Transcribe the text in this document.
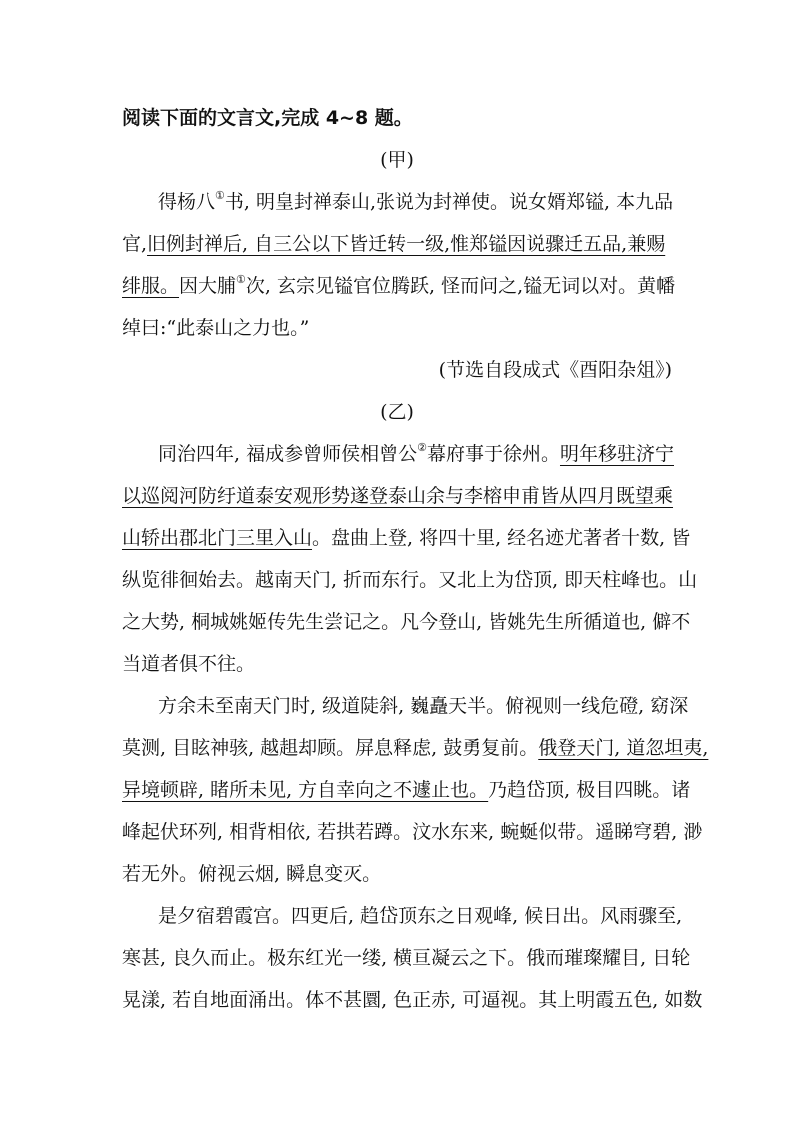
阅读下面的文言文,完成 4~8 题。
(甲)
得杨八①书, 明皇封禅泰山,张说为封禅使。说女婿郑镒, 本九品
官,旧例封禅后, 自三公以下皆迁转一级,惟郑镒因说骤迁五品,兼赐
绯服。因大脯①次, 玄宗见镒官位腾跃, 怪而问之,镒无词以对。黄幡
绰曰:“此泰山之力也。”
(节选自段成式《酉阳杂俎》)
(乙)
同治四年, 福成参曾师侯相曾公②幕府事于徐州。明年移驻济宁
以巡阅河防纡道泰安观形势遂登泰山余与李榕申甫皆从四月既望乘
山轿出郡北门三里入山。盘曲上登, 将四十里, 经名迹尤著者十数, 皆
纵览徘徊始去。越南天门, 折而东行。又北上为岱顶, 即天柱峰也。山
之大势, 桐城姚姬传先生尝记之。凡今登山, 皆姚先生所循道也, 僻不
当道者俱不往。
方余未至南天门时, 级道陡斜, 巍矗天半。俯视则一线危磴, 窈深
莫测, 目眩神骇, 越趄却顾。屏息释虑, 鼓勇复前。俄登天门, 道忽坦夷,
异境顿辟, 睹所未见, 方自幸向之不遽止也。乃趋岱顶, 极目四眺。诸
峰起伏环列, 相背相依, 若拱若蹲。汶水东来, 蜿蜒似带。遥睇穹碧, 渺
若无外。俯视云烟, 瞬息变灭。
是夕宿碧霞宫。四更后, 趋岱顶东之日观峰, 候日出。风雨骤至,
寒甚, 良久而止。极东红光一缕, 横亘凝云之下。俄而璀璨耀目, 日轮
晃漾, 若自地面涌出。体不甚圜, 色正赤, 可逼视。其上明霞五色, 如数
